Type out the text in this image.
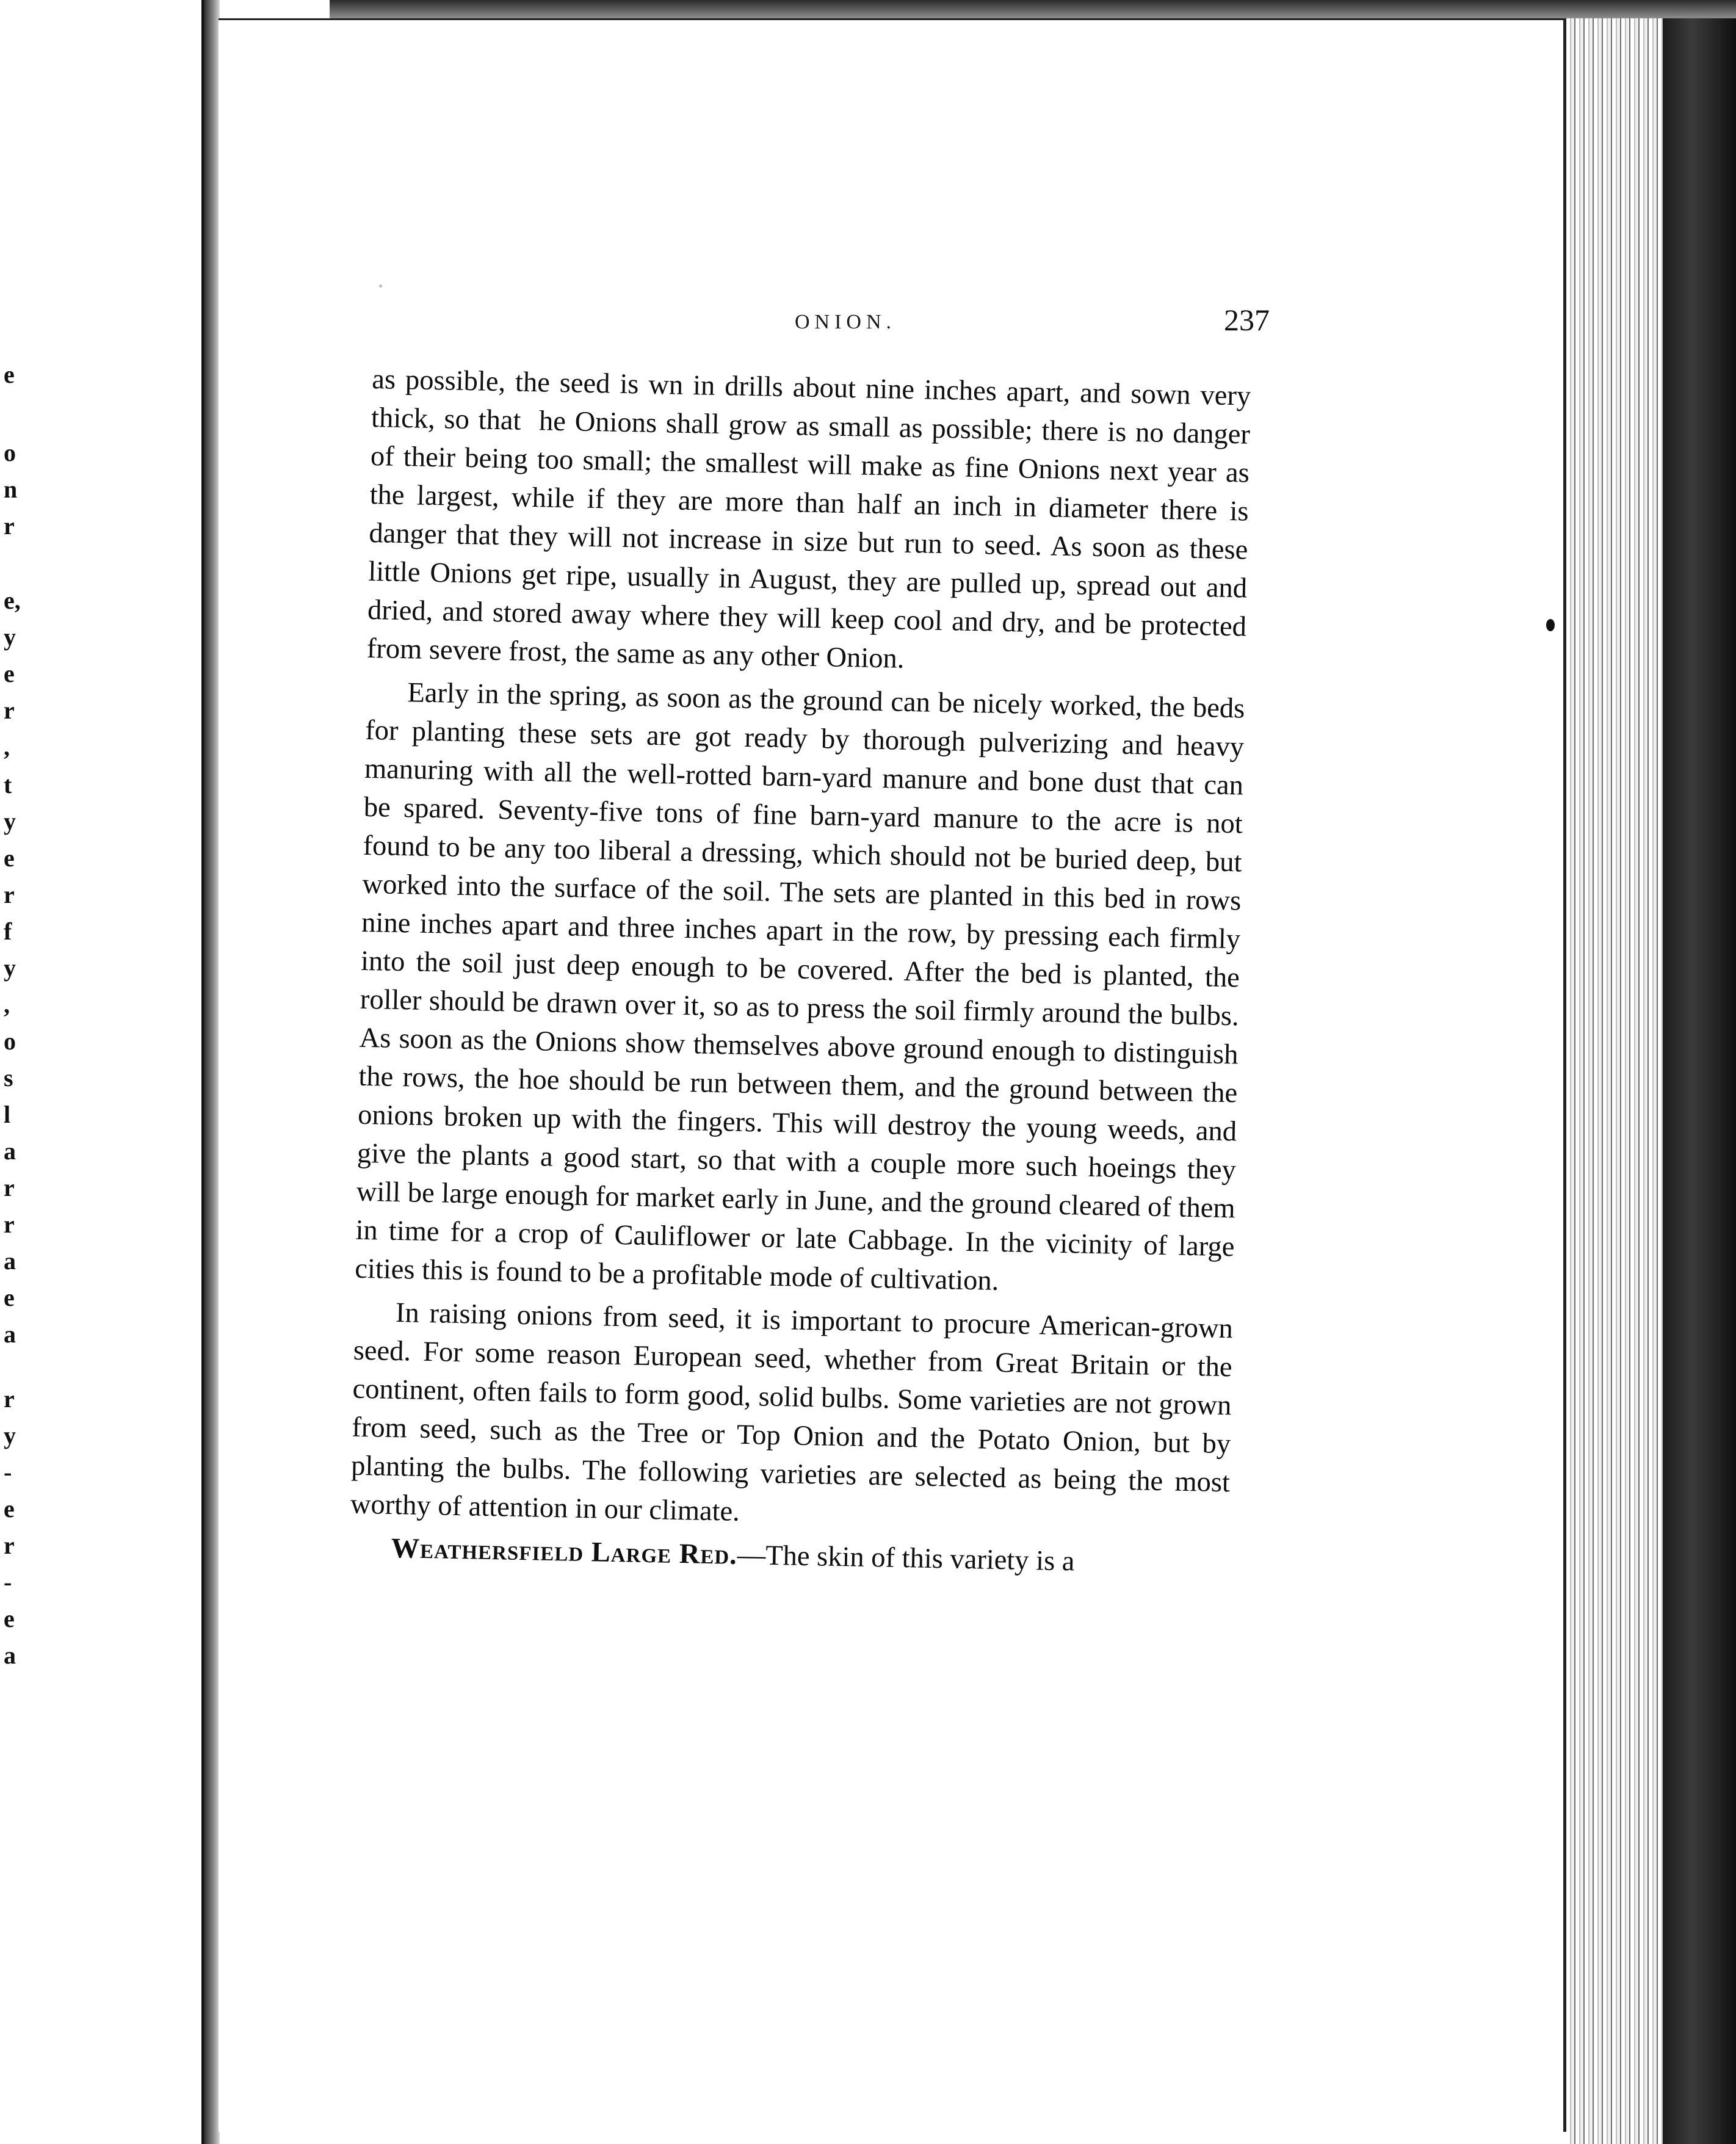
e
o
n
r
e,
y
e
r
,
t
y
e
r
f
y
,
o
s
l
a
r
r
a
e
a
r
y
-
e
r
-
e
a
ONION.	237

as possible, the seed is wn in drills about nine inches apart, and sown very thick, so that  he Onions shall grow as small as possible; there is no danger of their being too small; the smallest will make as fine Onions next year as the largest, while if they are more than half an inch in diameter there is danger that they will not increase in size but run to seed. As soon as these little Onions get ripe, usually in August, they are pulled up, spread out and dried, and stored away where they will keep cool and dry, and be protected from severe frost, the same as any other Onion.

Early in the spring, as soon as the ground can be nicely worked, the beds for planting these sets are got ready by thorough pulverizing and heavy manuring with all the well-rotted barn-yard manure and bone dust that can be spared. Seventy-five tons of fine barn-yard manure to the acre is not found to be any too liberal a dressing, which should not be buried deep, but worked into the surface of the soil. The sets are planted in this bed in rows nine inches apart and three inches apart in the row, by pressing each firmly into the soil just deep enough to be covered. After the bed is planted, the roller should be drawn over it, so as to press the soil firmly around the bulbs. As soon as the Onions show themselves above ground enough to distinguish the rows, the hoe should be run between them, and the ground between the onions broken up with the fingers. This will destroy the young weeds, and give the plants a good start, so that with a couple more such hoeings they will be large enough for market early in June, and the ground cleared of them in time for a crop of Cauliflower or late Cabbage. In the vicinity of large cities this is found to be a profitable mode of cultivation.

In raising onions from seed, it is important to procure American-grown seed. For some reason European seed, whether from Great Britain or the continent, often fails to form good, solid bulbs. Some varieties are not grown from seed, such as the Tree or Top Onion and the Potato Onion, but by planting the bulbs. The following varieties are selected as being the most worthy of attention in our climate.

Weathersfield Large Red.—The skin of this variety is a
